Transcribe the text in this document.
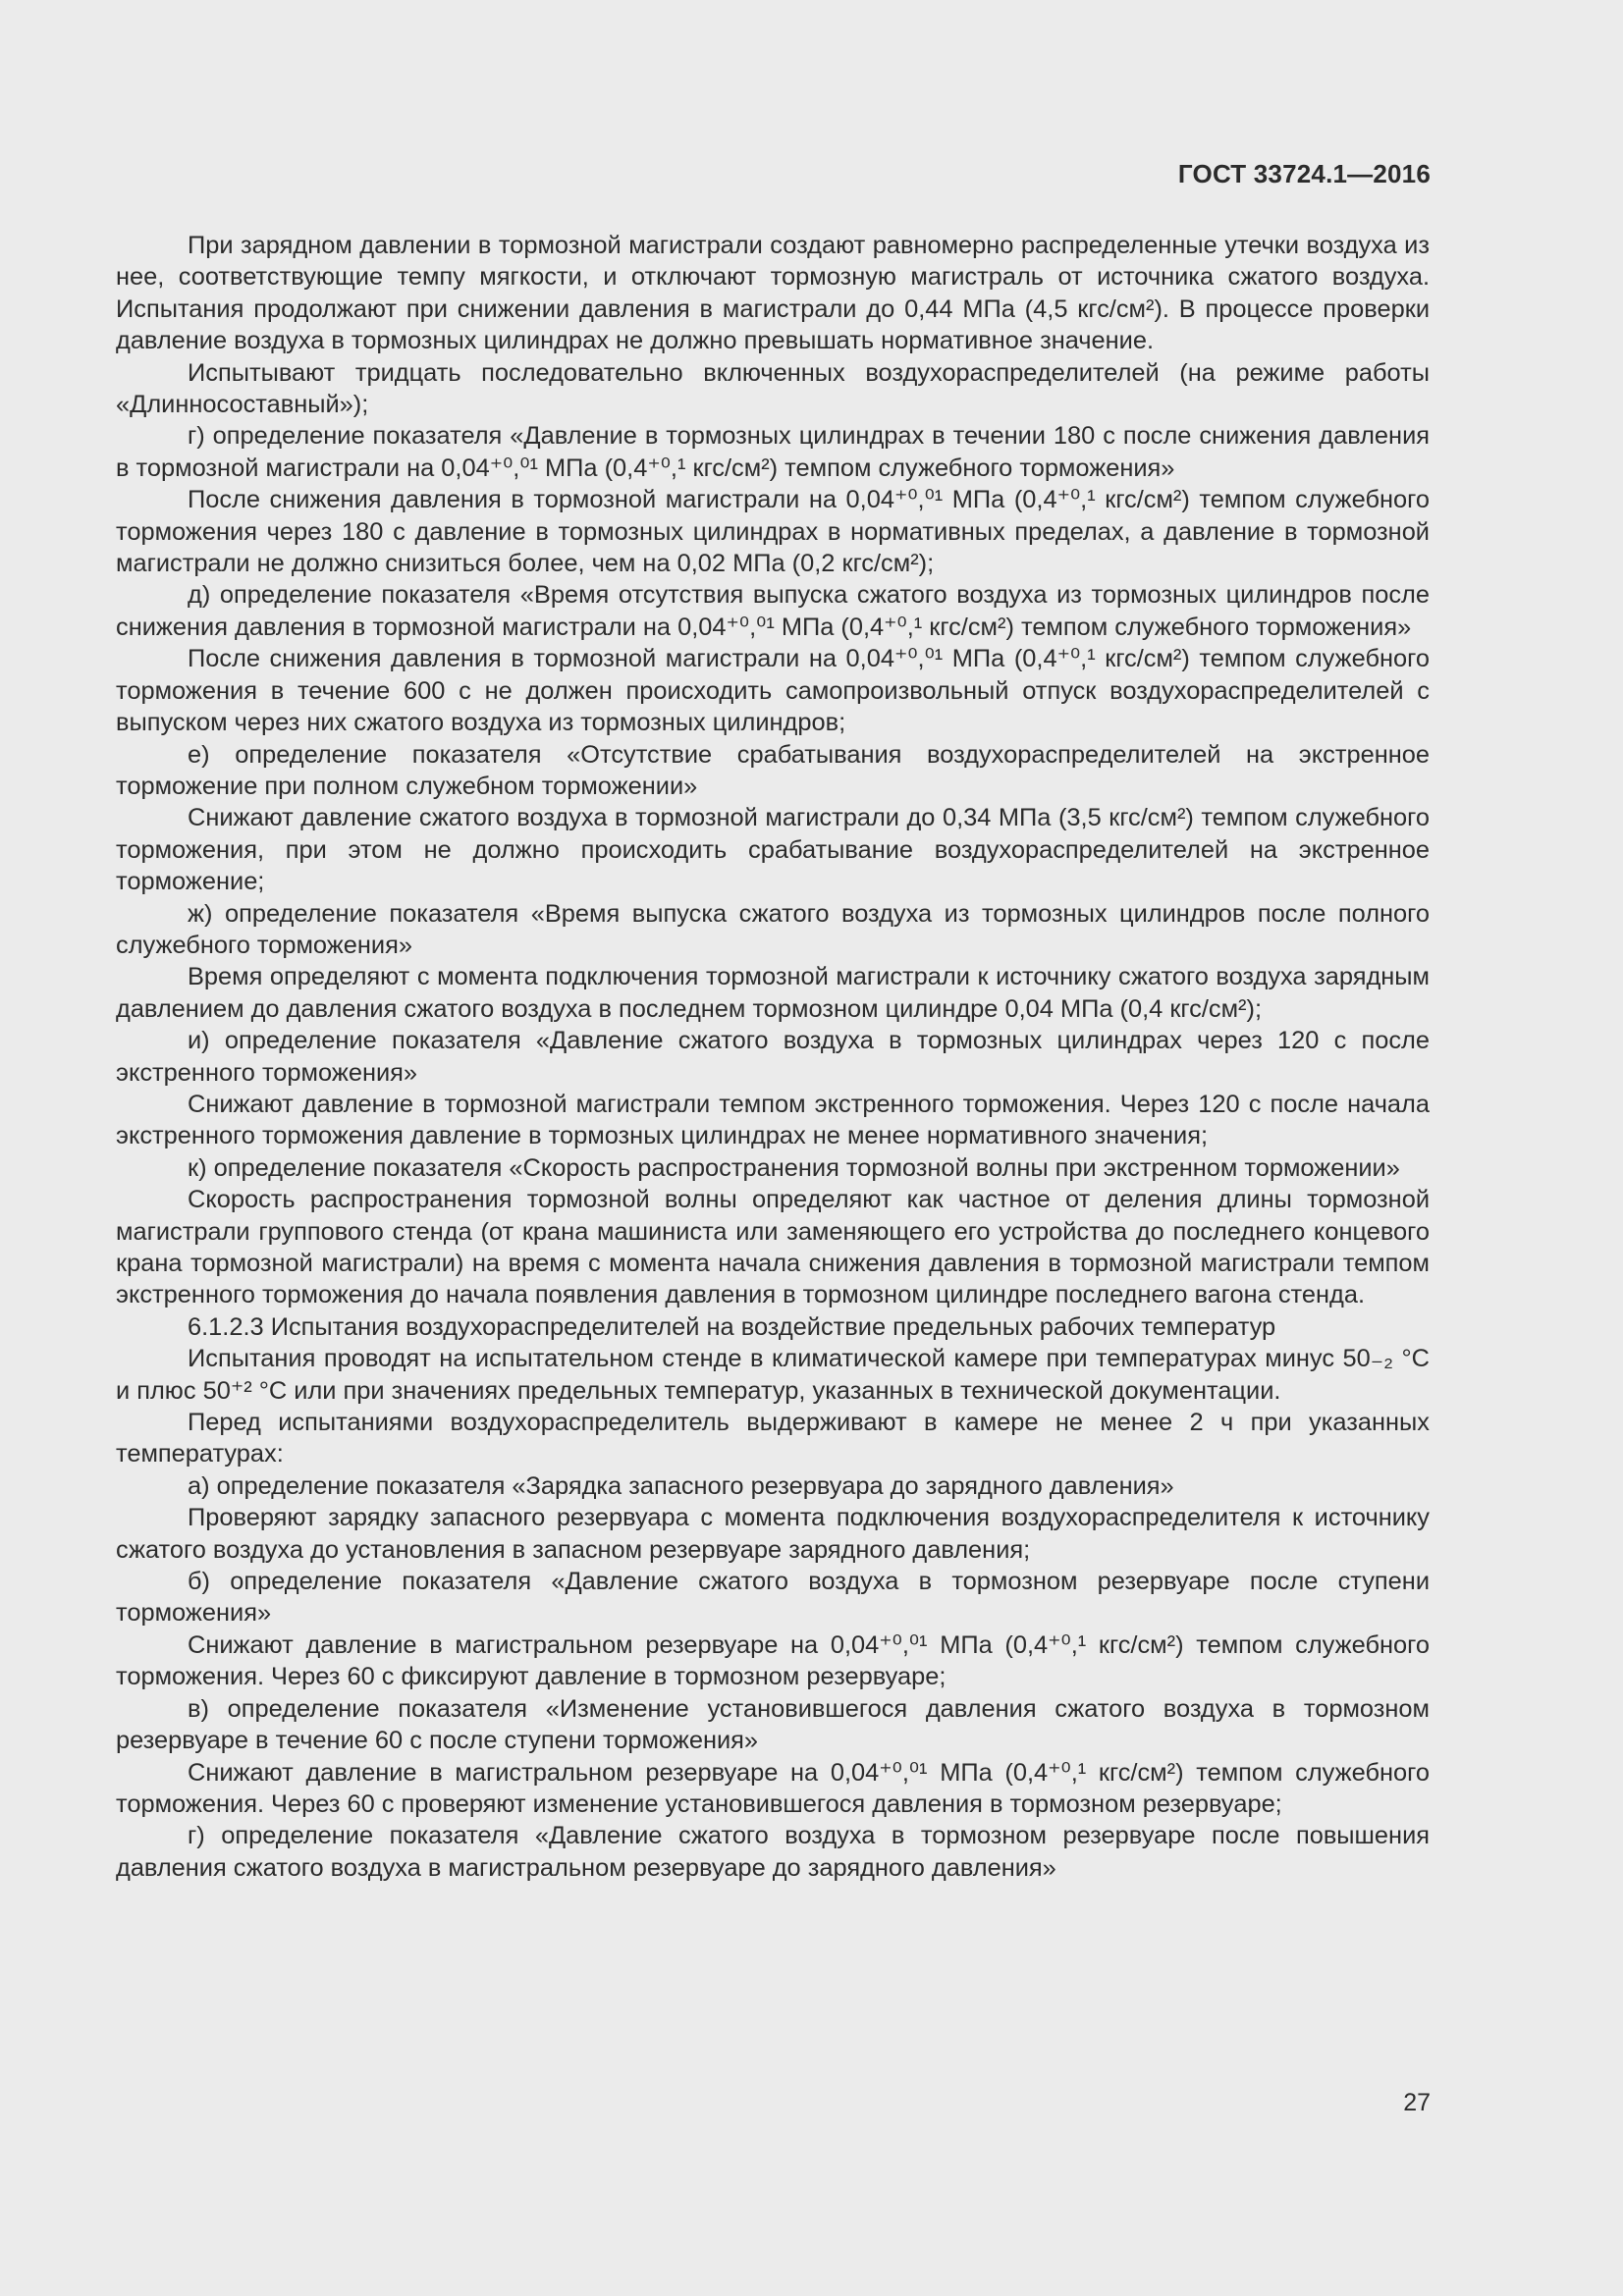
ГОСТ 33724.1—2016

При зарядном давлении в тормозной магистрали создают равномерно распределенные утечки воздуха из нее, соответствующие темпу мягкости, и отключают тормозную магистраль от источника сжатого воздуха. Испытания продолжают при снижении давления в магистрали до 0,44 МПа (4,5 кгс/см²). В процессе проверки давление воздуха в тормозных цилиндрах не должно превышать нормативное значение.

Испытывают тридцать последовательно включенных воздухораспределителей (на режиме работы «Длинносоставный»);

г) определение показателя «Давление в тормозных цилиндрах в течении 180 с после снижения давления в тормозной магистрали на 0,04⁺⁰,⁰¹ МПа (0,4⁺⁰,¹ кгс/см²) темпом служебного торможения»

После снижения давления в тормозной магистрали на 0,04⁺⁰,⁰¹ МПа (0,4⁺⁰,¹ кгс/см²) темпом служебного торможения через 180 с давление в тормозных цилиндрах в нормативных пределах, а давление в тормозной магистрали не должно снизиться более, чем на 0,02 МПа (0,2 кгс/см²);

д) определение показателя «Время отсутствия выпуска сжатого воздуха из тормозных цилиндров после снижения давления в тормозной магистрали на 0,04⁺⁰,⁰¹ МПа (0,4⁺⁰,¹ кгс/см²) темпом служебного торможения»

После снижения давления в тормозной магистрали на 0,04⁺⁰,⁰¹ МПа (0,4⁺⁰,¹ кгс/см²) темпом служебного торможения в течение 600 с не должен происходить самопроизвольный отпуск воздухораспределителей с выпуском через них сжатого воздуха из тормозных цилиндров;

е) определение показателя «Отсутствие срабатывания воздухораспределителей на экстренное торможение при полном служебном торможении»

Снижают давление сжатого воздуха в тормозной магистрали до 0,34 МПа (3,5 кгс/см²) темпом служебного торможения, при этом не должно происходить срабатывание воздухораспределителей на экстренное торможение;

ж) определение показателя «Время выпуска сжатого воздуха из тормозных цилиндров после полного служебного торможения»

Время определяют с момента подключения тормозной магистрали к источнику сжатого воздуха зарядным давлением до давления сжатого воздуха в последнем тормозном цилиндре 0,04 МПа (0,4 кгс/см²);

и) определение показателя «Давление сжатого воздуха в тормозных цилиндрах через 120 с после экстренного торможения»

Снижают давление в тормозной магистрали темпом экстренного торможения. Через 120 с после начала экстренного торможения давление в тормозных цилиндрах не менее нормативного значения;

к) определение показателя «Скорость распространения тормозной волны при экстренном торможении»

Скорость распространения тормозной волны определяют как частное от деления длины тормозной магистрали группового стенда (от крана машиниста или заменяющего его устройства до последнего концевого крана тормозной магистрали) на время с момента начала снижения давления в тормозной магистрали темпом экстренного торможения до начала появления давления в тормозном цилиндре последнего вагона стенда.

6.1.2.3 Испытания воздухораспределителей на воздействие предельных рабочих температур

Испытания проводят на испытательном стенде в климатической камере при температурах минус 50₋₂ °С и плюс 50⁺² °С или при значениях предельных температур, указанных в технической документации.

Перед испытаниями воздухораспределитель выдерживают в камере не менее 2 ч при указанных температурах:

а) определение показателя «Зарядка запасного резервуара до зарядного давления»

Проверяют зарядку запасного резервуара с момента подключения воздухораспределителя к источнику сжатого воздуха до установления в запасном резервуаре зарядного давления;

б) определение показателя «Давление сжатого воздуха в тормозном резервуаре после ступени торможения»

Снижают давление в магистральном резервуаре на 0,04⁺⁰,⁰¹ МПа (0,4⁺⁰,¹ кгс/см²) темпом служебного торможения. Через 60 с фиксируют давление в тормозном резервуаре;

в) определение показателя «Изменение установившегося давления сжатого воздуха в тормозном резервуаре в течение 60 с после ступени торможения»

Снижают давление в магистральном резервуаре на 0,04⁺⁰,⁰¹ МПа (0,4⁺⁰,¹ кгс/см²) темпом служебного торможения. Через 60 с проверяют изменение установившегося давления в тормозном резервуаре;

г) определение показателя «Давление сжатого воздуха в тормозном резервуаре после повышения давления сжатого воздуха в магистральном резервуаре до зарядного давления»

27
